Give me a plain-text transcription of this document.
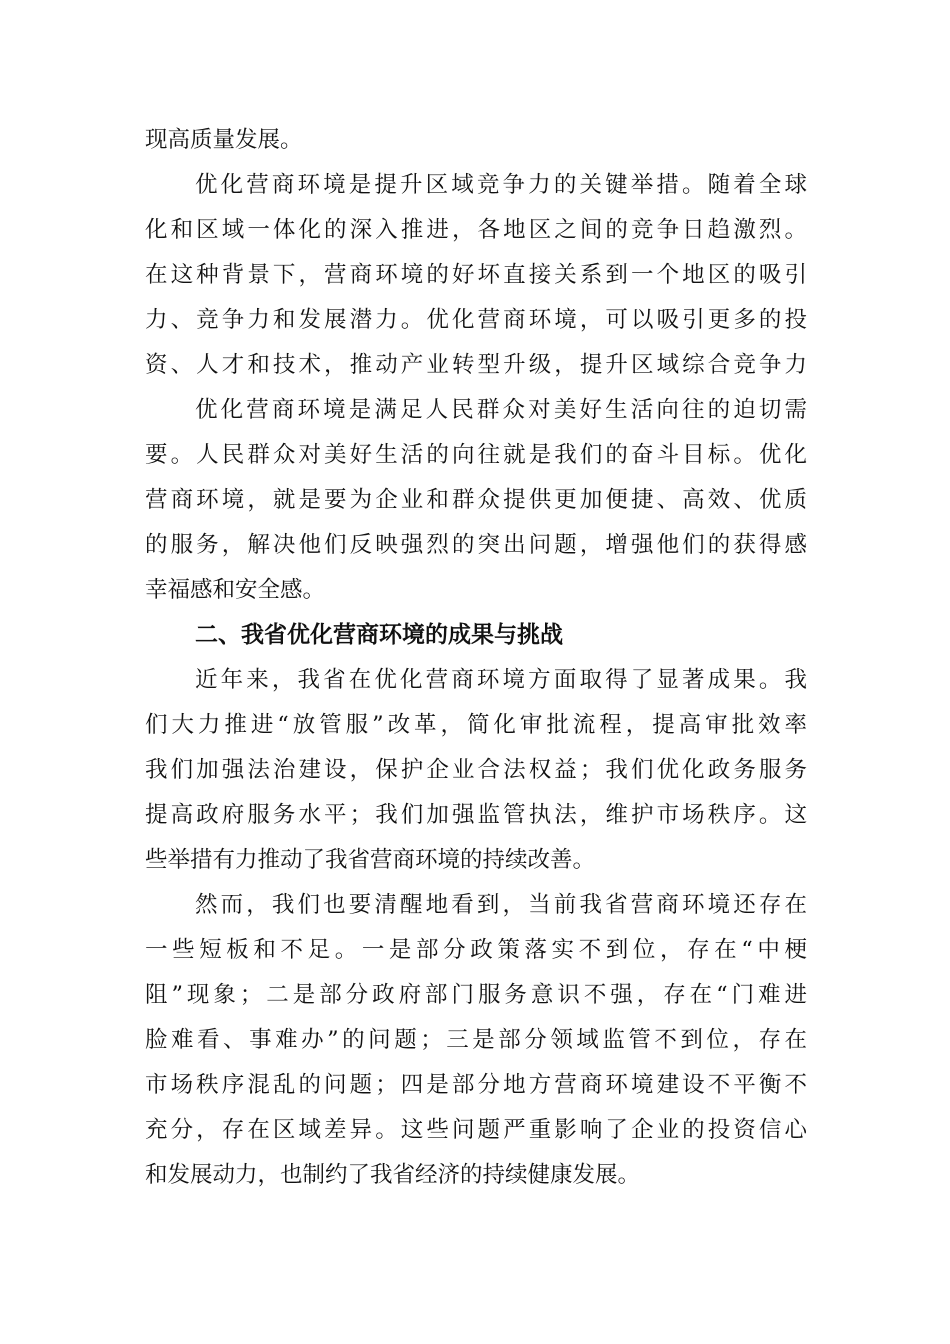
现高质量发展。
优化营商环境是提升区域竞争力的关键举措。随着全球
化和区域一体化的深入推进，各地区之间的竞争日趋激烈。
在这种背景下，营商环境的好坏直接关系到一个地区的吸引
力、竞争力和发展潜力。优化营商环境，可以吸引更多的投
资、人才和技术，推动产业转型升级，提升区域综合竞争力
优化营商环境是满足人民群众对美好生活向往的迫切需
要。人民群众对美好生活的向往就是我们的奋斗目标。优化
营商环境，就是要为企业和群众提供更加便捷、高效、优质
的服务，解决他们反映强烈的突出问题，增强他们的获得感
幸福感和安全感。
二、我省优化营商环境的成果与挑战
近年来，我省在优化营商环境方面取得了显著成果。我
们大力推进“放管服”改革，简化审批流程，提高审批效率
我们加强法治建设，保护企业合法权益；我们优化政务服务
提高政府服务水平；我们加强监管执法，维护市场秩序。这
些举措有力推动了我省营商环境的持续改善。
然而，我们也要清醒地看到，当前我省营商环境还存在
一些短板和不足。一是部分政策落实不到位，存在“中梗
阻”现象；二是部分政府部门服务意识不强，存在“门难进
脸难看、事难办”的问题；三是部分领域监管不到位，存在
市场秩序混乱的问题；四是部分地方营商环境建设不平衡不
充分，存在区域差异。这些问题严重影响了企业的投资信心
和发展动力，也制约了我省经济的持续健康发展。
